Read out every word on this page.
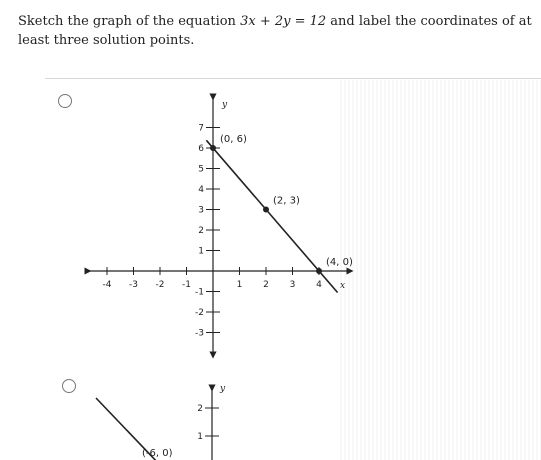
Sketch the graph of the equation 3x + 2y = 12 and label the coordinates of at least three solution points.
y
x
-4 -3 -2 -1	1 2 3 4
7
6
5
4
3
2
1
-1
-2
-3
(0, 6)
(2, 3)
(4, 0)
y
2
1
(-6, 0)
